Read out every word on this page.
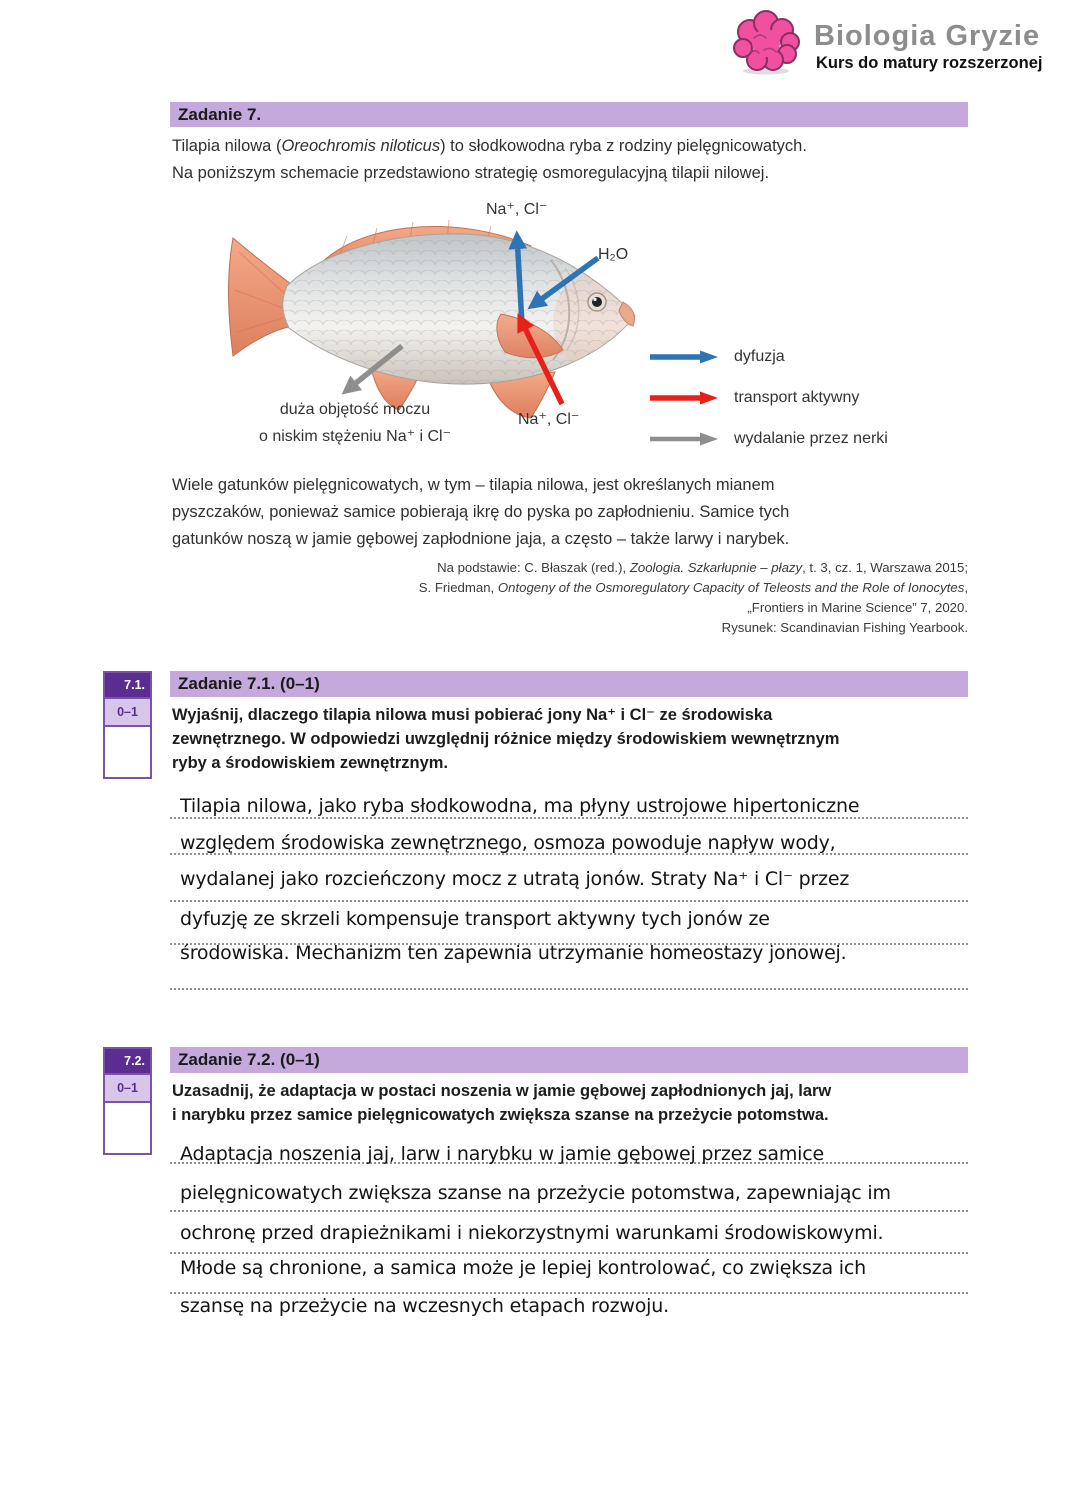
Biologia Gryzie
Kurs do matury rozszerzonej
Zadanie 7.
Tilapia nilowa (Oreochromis niloticus) to słodkowodna ryba z rodziny pielęgnicowatych.
Na poniższym schemacie przedstawiono strategię osmoregulacyjną tilapii nilowej.
Na⁺, Cl⁻
H₂O
Na⁺, Cl⁻
duża objętość moczu
o niskim stężeniu Na⁺ i Cl⁻
dyfuzja
transport aktywny
wydalanie przez nerki
Wiele gatunków pielęgnicowatych, w tym – tilapia nilowa, jest określanych mianem
pyszczaków, ponieważ samice pobierają ikrę do pyska po zapłodnieniu. Samice tych
gatunków noszą w jamie gębowej zapłodnione jaja, a często – także larwy i narybek.
Na podstawie: C. Błaszak (red.), Zoologia. Szkarłupnie – płazy, t. 3, cz. 1, Warszawa 2015;
S. Friedman, Ontogeny of the Osmoregulatory Capacity of Teleosts and the Role of Ionocytes,
„Frontiers in Marine Science” 7, 2020.
Rysunek: Scandinavian Fishing Yearbook.
7.1.
0–1
Zadanie 7.1. (0–1)
Wyjaśnij, dlaczego tilapia nilowa musi pobierać jony Na⁺ i Cl⁻ ze środowiska
zewnętrznego. W odpowiedzi uwzględnij różnice między środowiskiem wewnętrznym
ryby a środowiskiem zewnętrznym.
Tilapia nilowa, jako ryba słodkowodna, ma płyny ustrojowe hipertoniczne
względem środowiska zewnętrznego, osmoza powoduje napływ wody,
wydalanej jako rozcieńczony mocz z utratą jonów. Straty Na⁺ i Cl⁻ przez
dyfuzję ze skrzeli kompensuje transport aktywny tych jonów ze
środowiska. Mechanizm ten zapewnia utrzymanie homeostazy jonowej.
7.2.
0–1
Zadanie 7.2. (0–1)
Uzasadnij, że adaptacja w postaci noszenia w jamie gębowej zapłodnionych jaj, larw
i narybku przez samice pielęgnicowatych zwiększa szanse na przeżycie potomstwa.
Adaptacja noszenia jaj, larw i narybku w jamie gębowej przez samice
pielęgnicowatych zwiększa szanse na przeżycie potomstwa, zapewniając im
ochronę przed drapieżnikami i niekorzystnymi warunkami środowiskowymi.
Młode są chronione, a samica może je lepiej kontrolować, co zwiększa ich
szansę na przeżycie na wczesnych etapach rozwoju.
